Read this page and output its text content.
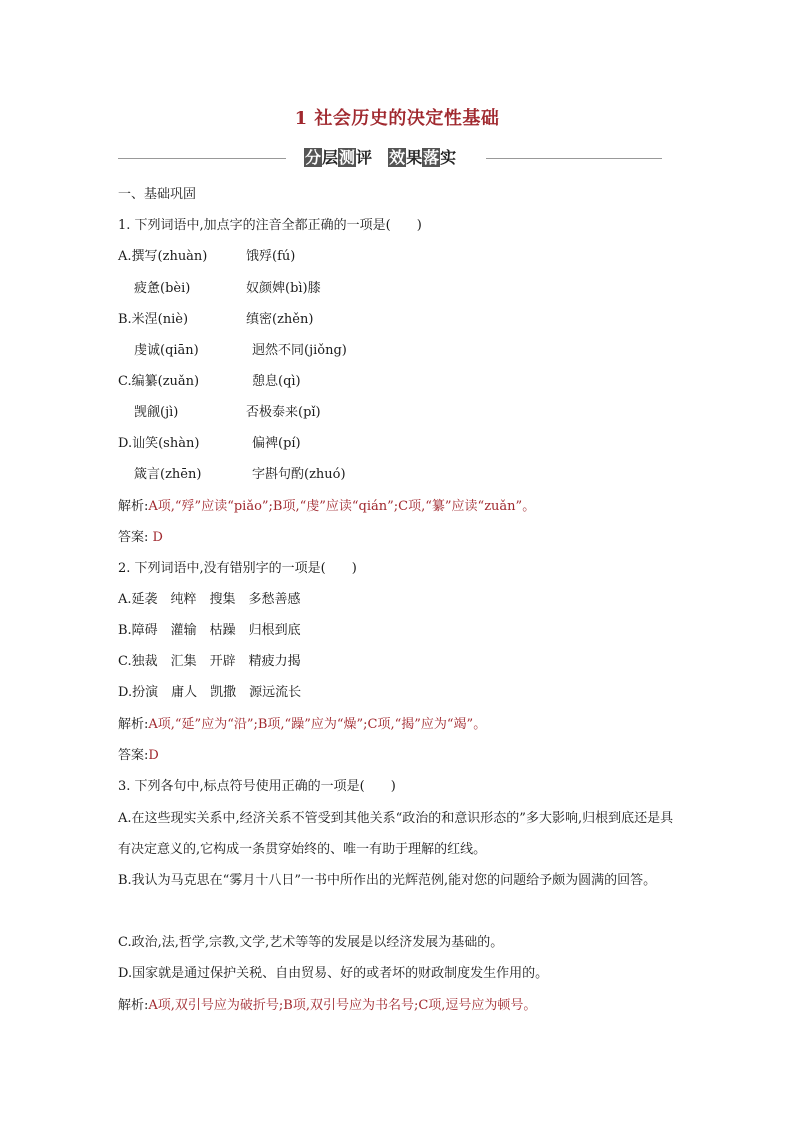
1 社会历史的决定性基础
分层测评 效果落实
一、基础巩固
1. 下列词语中,加点字的注音全都正确的一项是(　　)
A.撰写(zhuàn)	饿殍(fú)
疲惫(bèi)	奴颜婢(bì)膝
B.米涅(niè)	缜密(zhěn)
虔诚(qiān)	迥然不同(jiǒng)
C.编纂(zuǎn)	憩息(qì)
觊觎(jì)	否极泰来(pǐ)
D.讪笑(shàn)	偏裨(pí)
箴言(zhēn)	字斟句酌(zhuó)
解析:A项,“殍”应读“piǎo”;B项,“虔”应读“qián”;C项,“纂”应读“zuǎn”。
答案: D
2. 下列词语中,没有错别字的一项是(　　)
A.延袭　纯粹　搜集　多愁善感
B.障碍　灌输　枯躁　归根到底
C.独裁　汇集　开辟　精疲力揭
D.扮演　庸人　凯撒　源远流长
解析:A项,“延”应为“沿”;B项,“躁”应为“燥”;C项,“揭”应为“竭”。
答案:D
3. 下列各句中,标点符号使用正确的一项是(　　)
A.在这些现实关系中,经济关系不管受到其他关系“政治的和意识形态的”多大影响,归根到底还是具有决定意义的,它构成一条贯穿始终的、唯一有助于理解的红线。
B.我认为马克思在“雾月十八日”一书中所作出的光辉范例,能对您的问题给予颇为圆满的回答。
C.政治,法,哲学,宗教,文学,艺术等等的发展是以经济发展为基础的。
D.国家就是通过保护关税、自由贸易、好的或者坏的财政制度发生作用的。
解析:A项,双引号应为破折号;B项,双引号应为书名号;C项,逗号应为顿号。
